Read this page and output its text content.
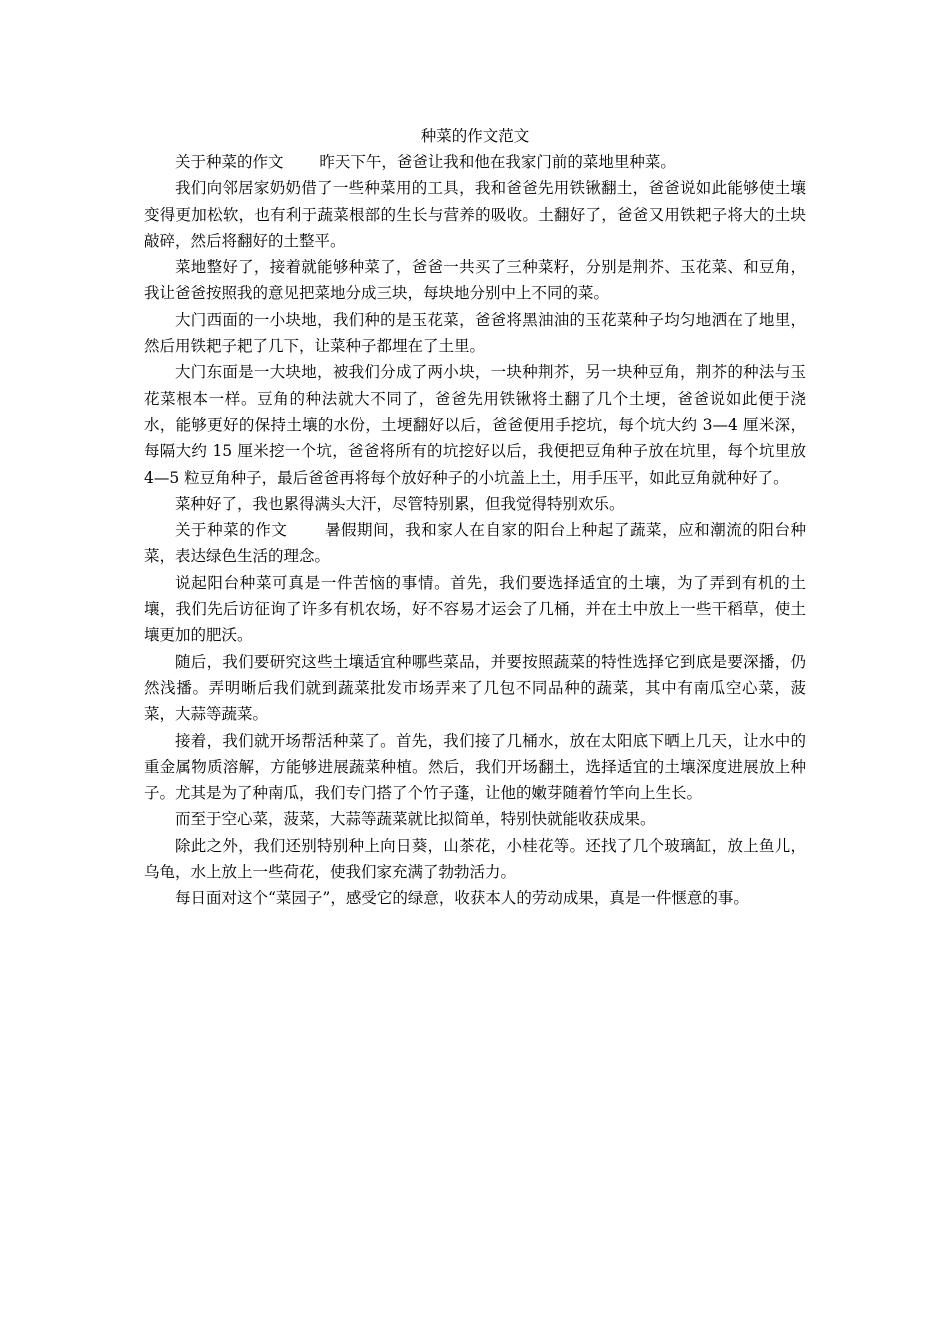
种菜的作文范文

关于种菜的作文 　　昨天下午，爸爸让我和他在我家门前的菜地里种菜。

我们向邻居家奶奶借了一些种菜用的工具，我和爸爸先用铁锹翻土，爸爸说如此能够使土壤变得更加松软，也有利于蔬菜根部的生长与营养的吸收。土翻好了，爸爸又用铁耙子将大的土块敲碎，然后将翻好的土整平。

菜地整好了，接着就能够种菜了，爸爸一共买了三种菜籽，分别是荆芥、玉花菜、和豆角，我让爸爸按照我的意见把菜地分成三块，每块地分别中上不同的菜。

大门西面的一小块地，我们种的是玉花菜，爸爸将黑油油的玉花菜种子均匀地洒在了地里，然后用铁耙子耙了几下，让菜种子都埋在了土里。

大门东面是一大块地，被我们分成了两小块，一块种荆芥，另一块种豆角，荆芥的种法与玉花菜根本一样。豆角的种法就大不同了，爸爸先用铁锹将土翻了几个土埂，爸爸说如此便于浇水，能够更好的保持土壤的水份，土埂翻好以后，爸爸便用手挖坑，每个坑大约 3—4 厘米深，每隔大约 15 厘米挖一个坑，爸爸将所有的坑挖好以后，我便把豆角种子放在坑里，每个坑里放 4—5 粒豆角种子，最后爸爸再将每个放好种子的小坑盖上土，用手压平，如此豆角就种好了。

菜种好了，我也累得满头大汗，尽管特别累，但我觉得特别欢乐。

关于种菜的作文 　　暑假期间，我和家人在自家的阳台上种起了蔬菜，应和潮流的阳台种菜，表达绿色生活的理念。

说起阳台种菜可真是一件苦恼的事情。首先，我们要选择适宜的土壤，为了弄到有机的土壤，我们先后访征询了许多有机农场，好不容易才运会了几桶，并在土中放上一些干稻草，使土壤更加的肥沃。

随后，我们要研究这些土壤适宜种哪些菜品，并要按照蔬菜的特性选择它到底是要深播，仍然浅播。弄明晰后我们就到蔬菜批发市场弄来了几包不同品种的蔬菜，其中有南瓜空心菜，菠菜，大蒜等蔬菜。

接着，我们就开场帮活种菜了。首先，我们接了几桶水，放在太阳底下晒上几天，让水中的重金属物质溶解，方能够进展蔬菜种植。然后，我们开场翻土，选择适宜的土壤深度进展放上种子。尤其是为了种南瓜，我们专门搭了个竹子蓬，让他的嫩芽随着竹竿向上生长。

而至于空心菜，菠菜，大蒜等蔬菜就比拟简单，特别快就能收获成果。

除此之外，我们还别特别种上向日葵，山茶花，小桂花等。还找了几个玻璃缸，放上鱼儿，乌龟，水上放上一些荷花，使我们家充满了勃勃活力。

每日面对这个“菜园子”，感受它的绿意，收获本人的劳动成果，真是一件惬意的事。
